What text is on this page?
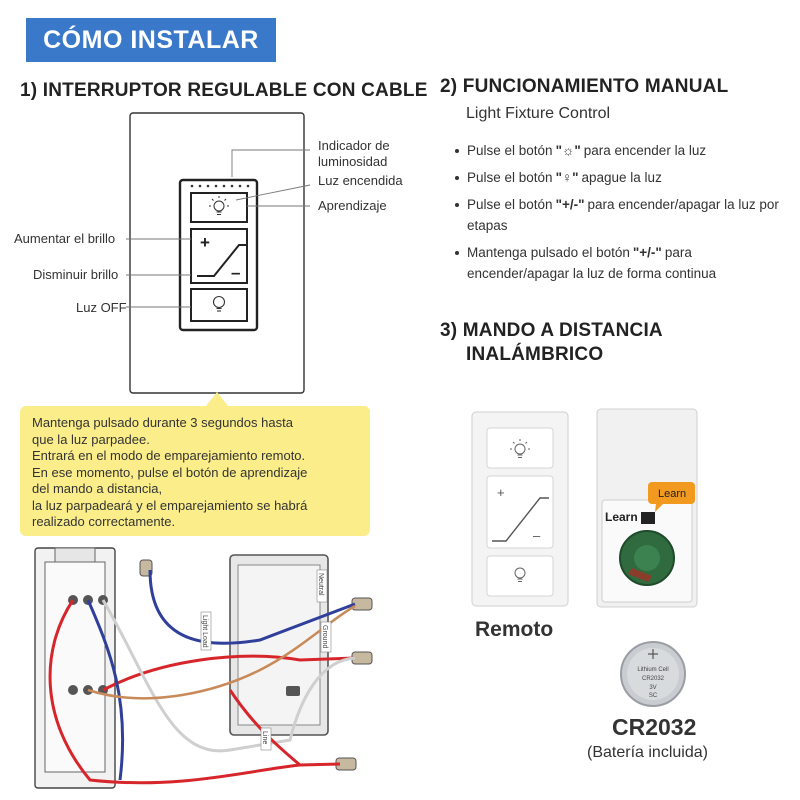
CÓMO INSTALAR
1) INTERRUPTOR REGULABLE CON CABLE 2) FUNCIONAMIENTO MANUAL
Light Fixture Control
3) MANDO A DISTANCIA
INALÁMBRICO
+
–
Indicador de luminosidad
Luz encendida
Aprendizaje
Aumentar el brillo
Disminuir brillo
Luz OFF

Mantenga pulsado durante 3 segundos hasta

que la luz parpadee.

Entrará en el modo de emparejamiento remoto.

En ese momento, pulse el botón de aprendizaje

del mando a distancia,

la luz parpadeará y el emparejamiento se habrá

realizado correctamente.

Pulse el botón "☼" para encender la luz
Pulse el botón "♀" apague la luz
Pulse el botón "+/-" para encender/apagar la luz por etapas
Mantenga pulsado el botón "+/-" para encender/apagar la luz de forma continua
+
–
Learn
Learn
Lithium Cell
CR2032
3V
SC
Remoto
CR2032
(Batería incluida)
Light Load
Neutral
Ground
Line
